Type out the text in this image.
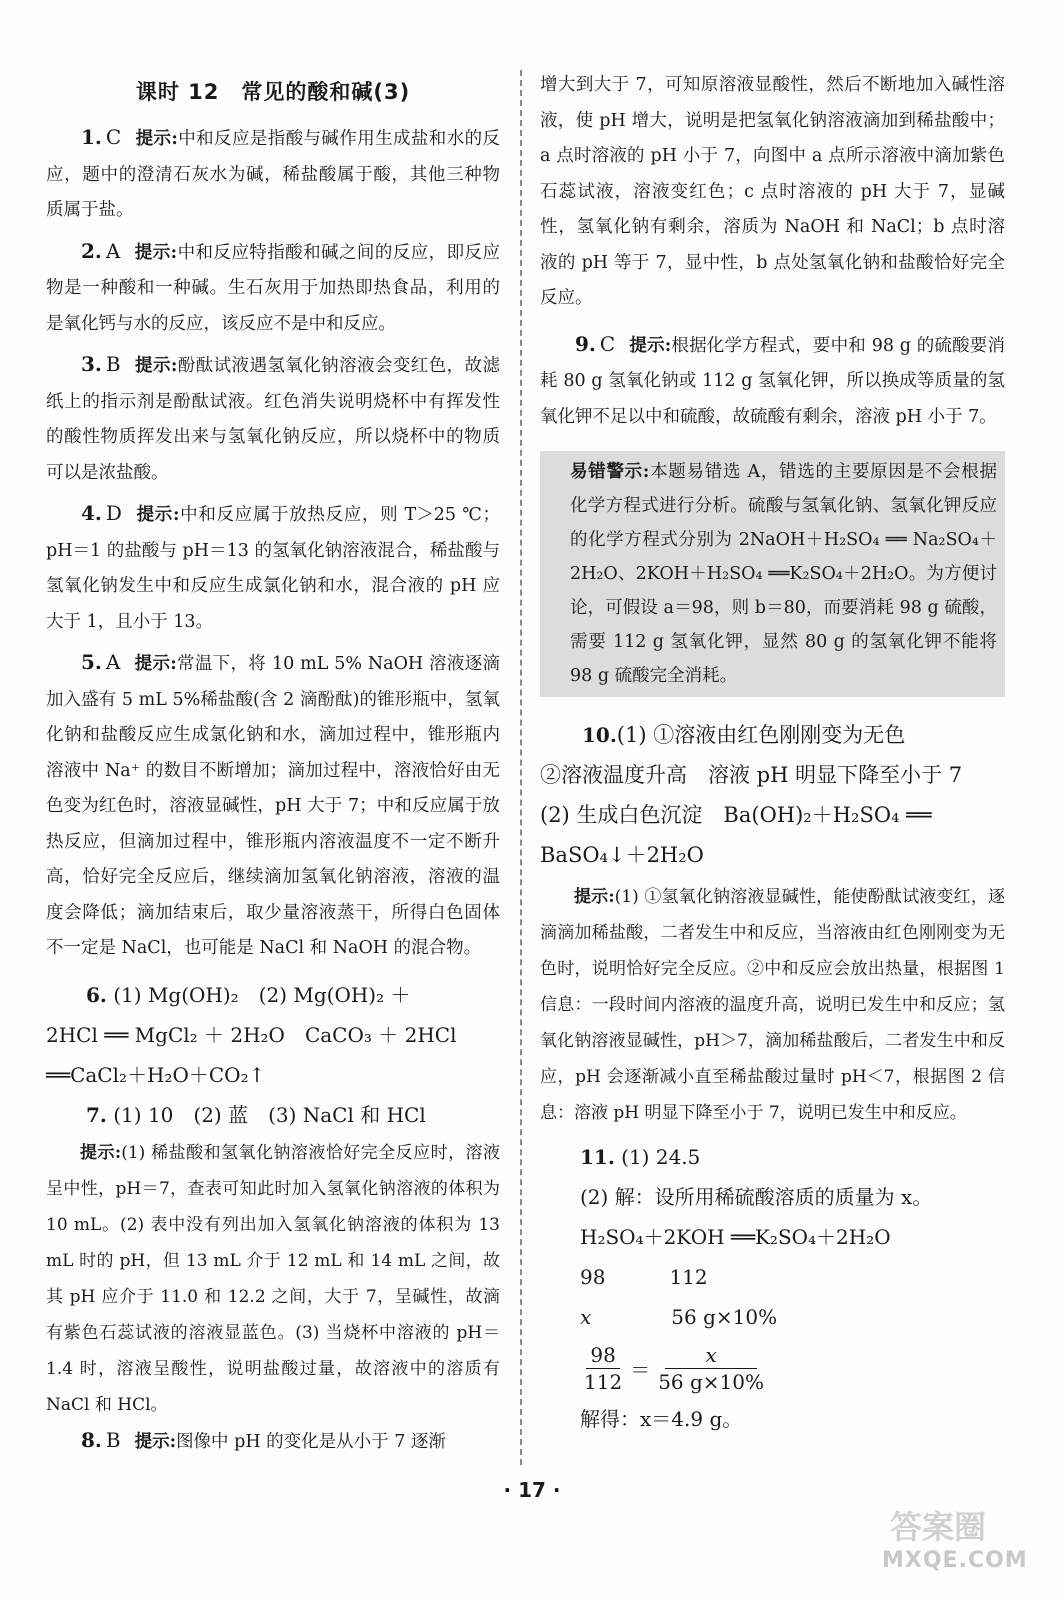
课时 12　常见的酸和碱(3)

1. C 提示:中和反应是指酸与碱作用生成盐和水的反应，题中的澄清石灰水为碱，稀盐酸属于酸，其他三种物质属于盐。

2. A 提示:中和反应特指酸和碱之间的反应，即反应物是一种酸和一种碱。生石灰用于加热即热食品，利用的是氧化钙与水的反应，该反应不是中和反应。

3. B 提示:酚酞试液遇氢氧化钠溶液会变红色，故滤纸上的指示剂是酚酞试液。红色消失说明烧杯中有挥发性的酸性物质挥发出来与氢氧化钠反应，所以烧杯中的物质可以是浓盐酸。

4. D 提示:中和反应属于放热反应，则 T＞25 ℃；pH＝1 的盐酸与 pH＝13 的氢氧化钠溶液混合，稀盐酸与氢氧化钠发生中和反应生成氯化钠和水，混合液的 pH 应大于 1，且小于 13。

5. A 提示:常温下，将 10 mL 5% NaOH 溶液逐滴加入盛有 5 mL 5%稀盐酸(含 2 滴酚酞)的锥形瓶中，氢氧化钠和盐酸反应生成氯化钠和水，滴加过程中，锥形瓶内溶液中 Na⁺ 的数目不断增加；滴加过程中，溶液恰好由无色变为红色时，溶液显碱性，pH 大于 7；中和反应属于放热反应，但滴加过程中，锥形瓶内溶液温度不一定不断升高，恰好完全反应后，继续滴加氢氧化钠溶液，溶液的温度会降低；滴加结束后，取少量溶液蒸干，所得白色固体不一定是 NaCl，也可能是 NaCl 和 NaOH 的混合物。

6. (1) Mg(OH)₂　(2) Mg(OH)₂ ＋

2HCl ══ MgCl₂ ＋ 2H₂O　CaCO₃ ＋ 2HCl

══CaCl₂＋H₂O＋CO₂↑

7. (1) 10　(2) 蓝　(3) NaCl 和 HCl

提示:(1) 稀盐酸和氢氧化钠溶液恰好完全反应时，溶液呈中性，pH＝7，查表可知此时加入氢氧化钠溶液的体积为 10 mL。(2) 表中没有列出加入氢氧化钠溶液的体积为 13 mL 时的 pH，但 13 mL 介于 12 mL 和 14 mL 之间，故其 pH 应介于 11.0 和 12.2 之间，大于 7，呈碱性，故滴有紫色石蕊试液的溶液显蓝色。(3) 当烧杯中溶液的 pH＝1.4 时，溶液呈酸性，说明盐酸过量，故溶液中的溶质有 NaCl 和 HCl。

8. B 提示:图像中 pH 的变化是从小于 7 逐渐

增大到大于 7，可知原溶液显酸性，然后不断地加入碱性溶液，使 pH 增大，说明是把氢氧化钠溶液滴加到稀盐酸中；a 点时溶液的 pH 小于 7，向图中 a 点所示溶液中滴加紫色石蕊试液，溶液变红色；c 点时溶液的 pH 大于 7，显碱性，氢氧化钠有剩余，溶质为 NaOH 和 NaCl；b 点时溶液的 pH 等于 7，显中性，b 点处氢氧化钠和盐酸恰好完全反应。

9. C 提示:根据化学方程式，要中和 98 g 的硫酸要消耗 80 g 氢氧化钠或 112 g 氢氧化钾，所以换成等质量的氢氧化钾不足以中和硫酸，故硫酸有剩余，溶液 pH 小于 7。

易错警示:本题易错选 A，错选的主要原因是不会根据化学方程式进行分析。硫酸与氢氧化钠、氢氧化钾反应的化学方程式分别为 2NaOH＋H₂SO₄ ══ Na₂SO₄＋2H₂O、2KOH＋H₂SO₄ ══K₂SO₄＋2H₂O。为方便讨论，可假设 a＝98，则 b＝80，而要消耗 98 g 硫酸，需要 112 g 氢氧化钾，显然 80 g 的氢氧化钾不能将 98 g 硫酸完全消耗。

10.(1) ①溶液由红色刚刚变为无色

②溶液温度升高　溶液 pH 明显下降至小于 7

(2) 生成白色沉淀　Ba(OH)₂＋H₂SO₄ ══

BaSO₄↓＋2H₂O

提示:(1) ①氢氧化钠溶液显碱性，能使酚酞试液变红，逐滴滴加稀盐酸，二者发生中和反应，当溶液由红色刚刚变为无色时，说明恰好完全反应。②中和反应会放出热量，根据图 1 信息：一段时间内溶液的温度升高，说明已发生中和反应；氢氧化钠溶液显碱性，pH＞7，滴加稀盐酸后，二者发生中和反应，pH 会逐渐减小直至稀盐酸过量时 pH＜7，根据图 2 信息：溶液 pH 明显下降至小于 7，说明已发生中和反应。

11. (1) 24.5
(2) 解：设所用稀硫酸溶质的质量为 x。
H₂SO₄＋2KOH ══K₂SO₄＋2H₂O
98	112
x	56 g×10%
$\frac{98}{112} = \frac{x}{56 g\times 10\%}$
解得：x＝4.9 g。
· 17 ·
答案圈
MXQE.COM
